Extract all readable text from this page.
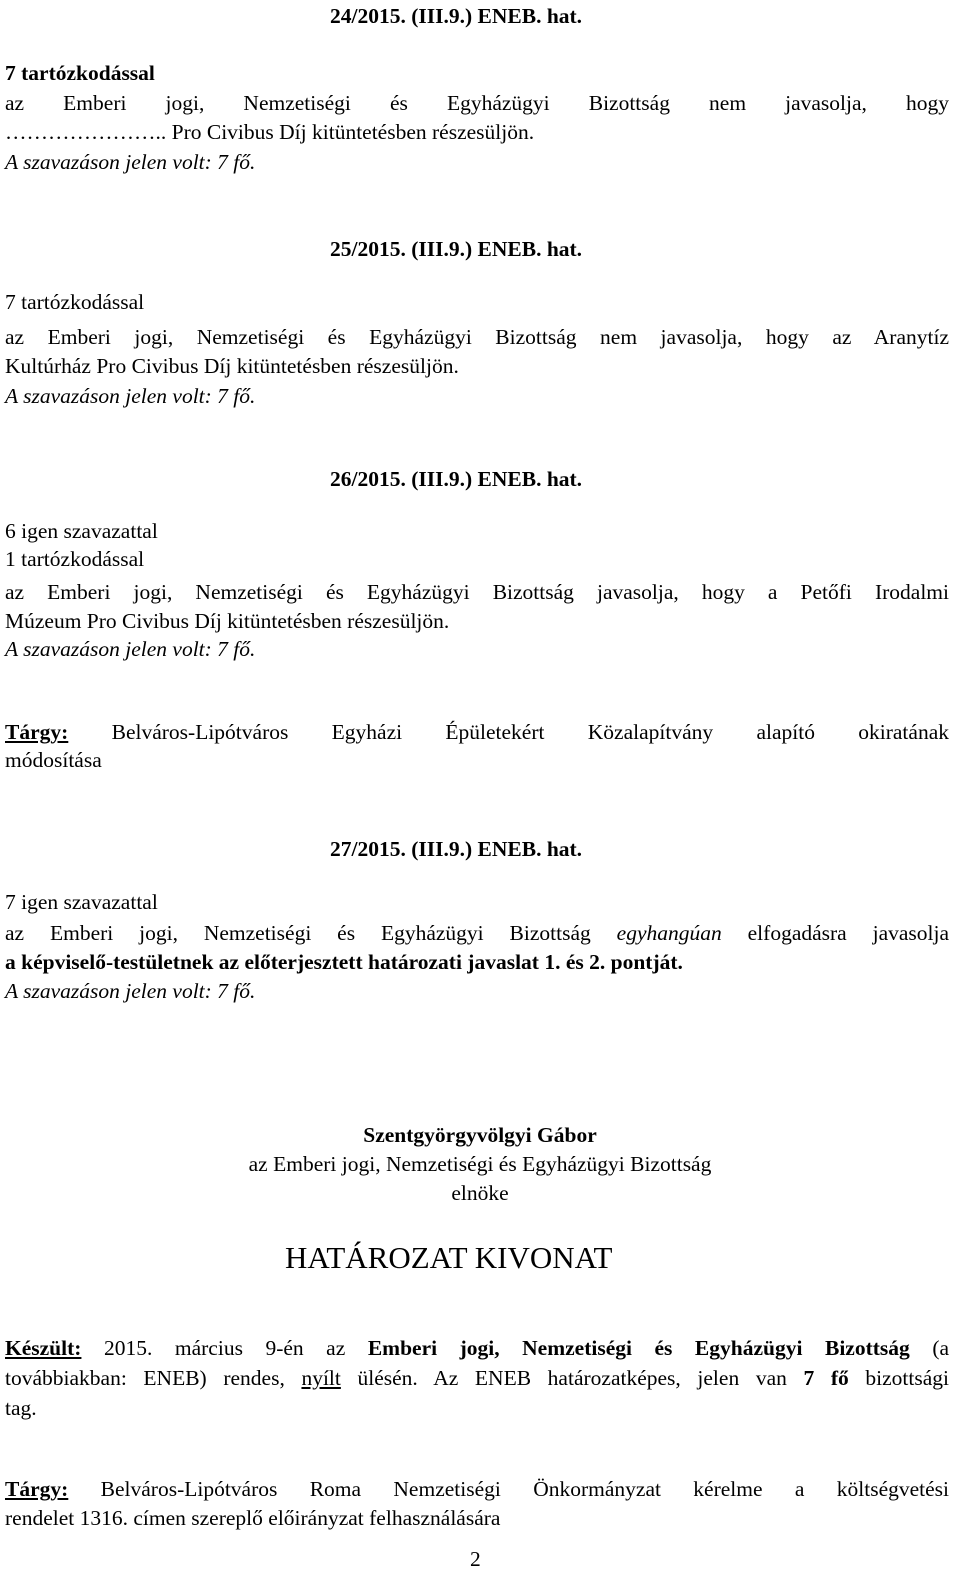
24/2015. (III.9.) ENEB. hat.
7 tartózkodással
az Emberi jogi, Nemzetiségi és Egyházügyi Bizottság nem javasolja, hogy
………………….. Pro Civibus Díj kitüntetésben részesüljön.
A szavazáson jelen volt: 7 fő.
25/2015. (III.9.) ENEB. hat.
7 tartózkodással
az Emberi jogi, Nemzetiségi és Egyházügyi Bizottság nem javasolja, hogy az Aranytíz
Kultúrház Pro Civibus Díj kitüntetésben részesüljön.
A szavazáson jelen volt: 7 fő.
26/2015. (III.9.) ENEB. hat.
6 igen szavazattal
1 tartózkodással
az Emberi jogi, Nemzetiségi és Egyházügyi Bizottság javasolja, hogy a Petőfi Irodalmi
Múzeum Pro Civibus Díj kitüntetésben részesüljön.
A szavazáson jelen volt: 7 fő.
Tárgy: Belváros-Lipótváros Egyházi Épületekért Közalapítvány alapító okiratának
módosítása
27/2015. (III.9.) ENEB. hat.
7 igen szavazattal
az Emberi jogi, Nemzetiségi és Egyházügyi Bizottság egyhangúan elfogadásra javasolja
a képviselő-testületnek az előterjesztett határozati javaslat 1. és 2. pontját.
A szavazáson jelen volt: 7 fő.
Szentgyörgyvölgyi Gábor
az Emberi jogi, Nemzetiségi és Egyházügyi Bizottság
elnöke
HATÁROZAT KIVONAT
Készült: 2015. március 9-én az Emberi jogi, Nemzetiségi és Egyházügyi Bizottság (a
továbbiakban: ENEB) rendes, nyílt ülésén. Az ENEB határozatképes, jelen van 7 fő bizottsági
tag.
Tárgy: Belváros-Lipótváros Roma Nemzetiségi Önkormányzat kérelme a költségvetési
rendelet 1316. címen szereplő előirányzat felhasználására
2
